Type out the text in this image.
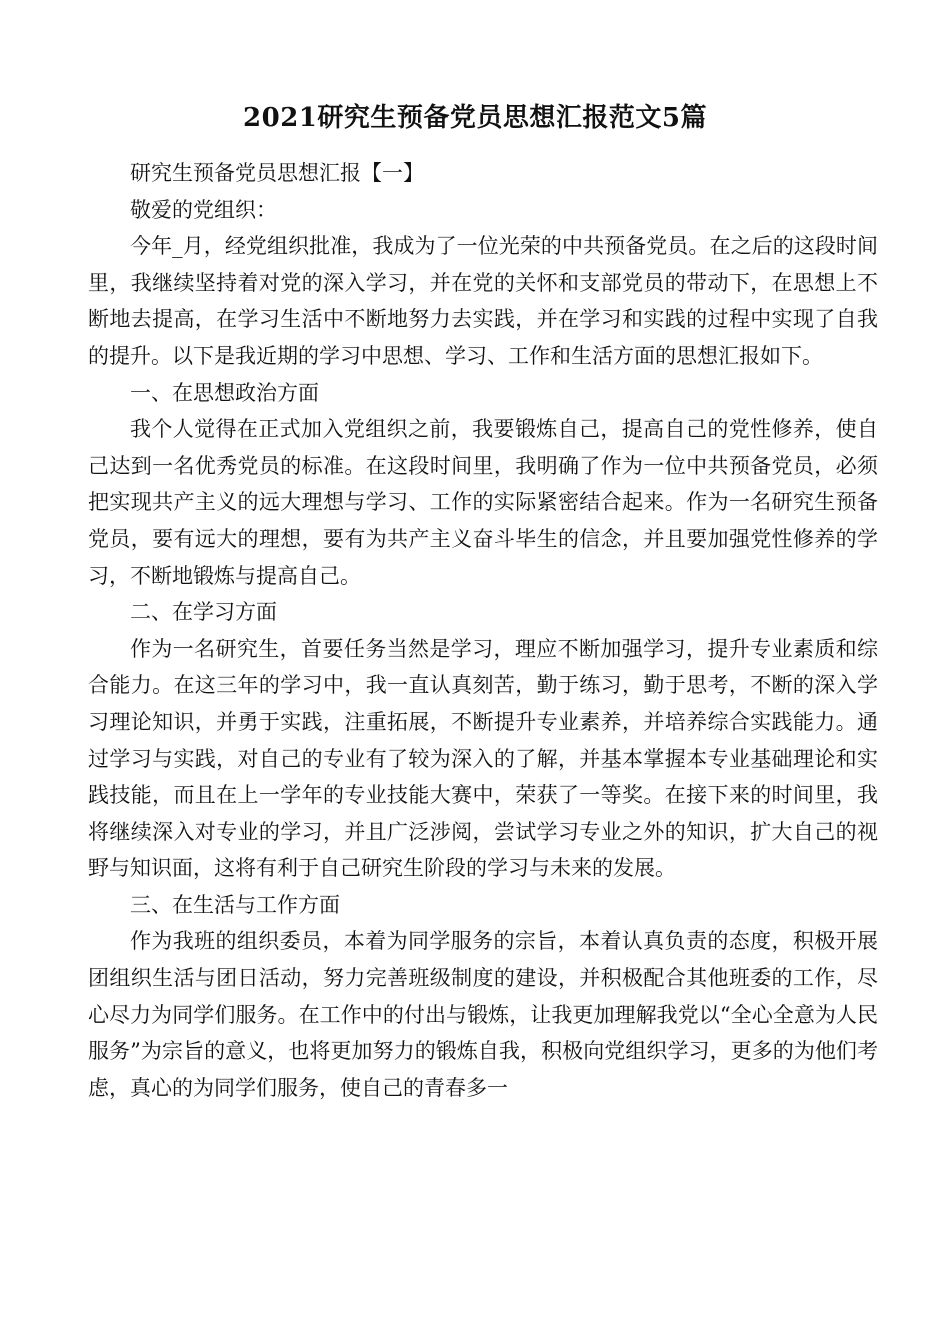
2021研究生预备党员思想汇报范文5篇

研究生预备党员思想汇报【一】

敬爱的党组织：

今年_月，经党组织批准，我成为了一位光荣的中共预备党员。在之后的这段时间里，我继续坚持着对党的深入学习，并在党的关怀和支部党员的带动下，在思想上不断地去提高，在学习生活中不断地努力去实践，并在学习和实践的过程中实现了自我的提升。以下是我近期的学习中思想、学习、工作和生活方面的思想汇报如下。

一、在思想政治方面

我个人觉得在正式加入党组织之前，我要锻炼自己，提高自己的党性修养，使自己达到一名优秀党员的标准。在这段时间里，我明确了作为一位中共预备党员，必须把实现共产主义的远大理想与学习、工作的实际紧密结合起来。作为一名研究生预备党员，要有远大的理想，要有为共产主义奋斗毕生的信念，并且要加强党性修养的学习，不断地锻炼与提高自己。

二、在学习方面

作为一名研究生，首要任务当然是学习，理应不断加强学习，提升专业素质和综合能力。在这三年的学习中，我一直认真刻苦，勤于练习，勤于思考，不断的深入学习理论知识，并勇于实践，注重拓展，不断提升专业素养，并培养综合实践能力。通过学习与实践，对自己的专业有了较为深入的了解，并基本掌握本专业基础理论和实践技能，而且在上一学年的专业技能大赛中，荣获了一等奖。在接下来的时间里，我将继续深入对专业的学习，并且广泛涉阅，尝试学习专业之外的知识，扩大自己的视野与知识面，这将有利于自己研究生阶段的学习与未来的发展。

三、在生活与工作方面

作为我班的组织委员，本着为同学服务的宗旨，本着认真负责的态度，积极开展团组织生活与团日活动，努力完善班级制度的建设，并积极配合其他班委的工作，尽心尽力为同学们服务。在工作中的付出与锻炼，让我更加理解我党以“全心全意为人民服务”为宗旨的意义，也将更加努力的锻炼自我，积极向党组织学习，更多的为他们考虑，真心的为同学们服务，使自己的青春多一
